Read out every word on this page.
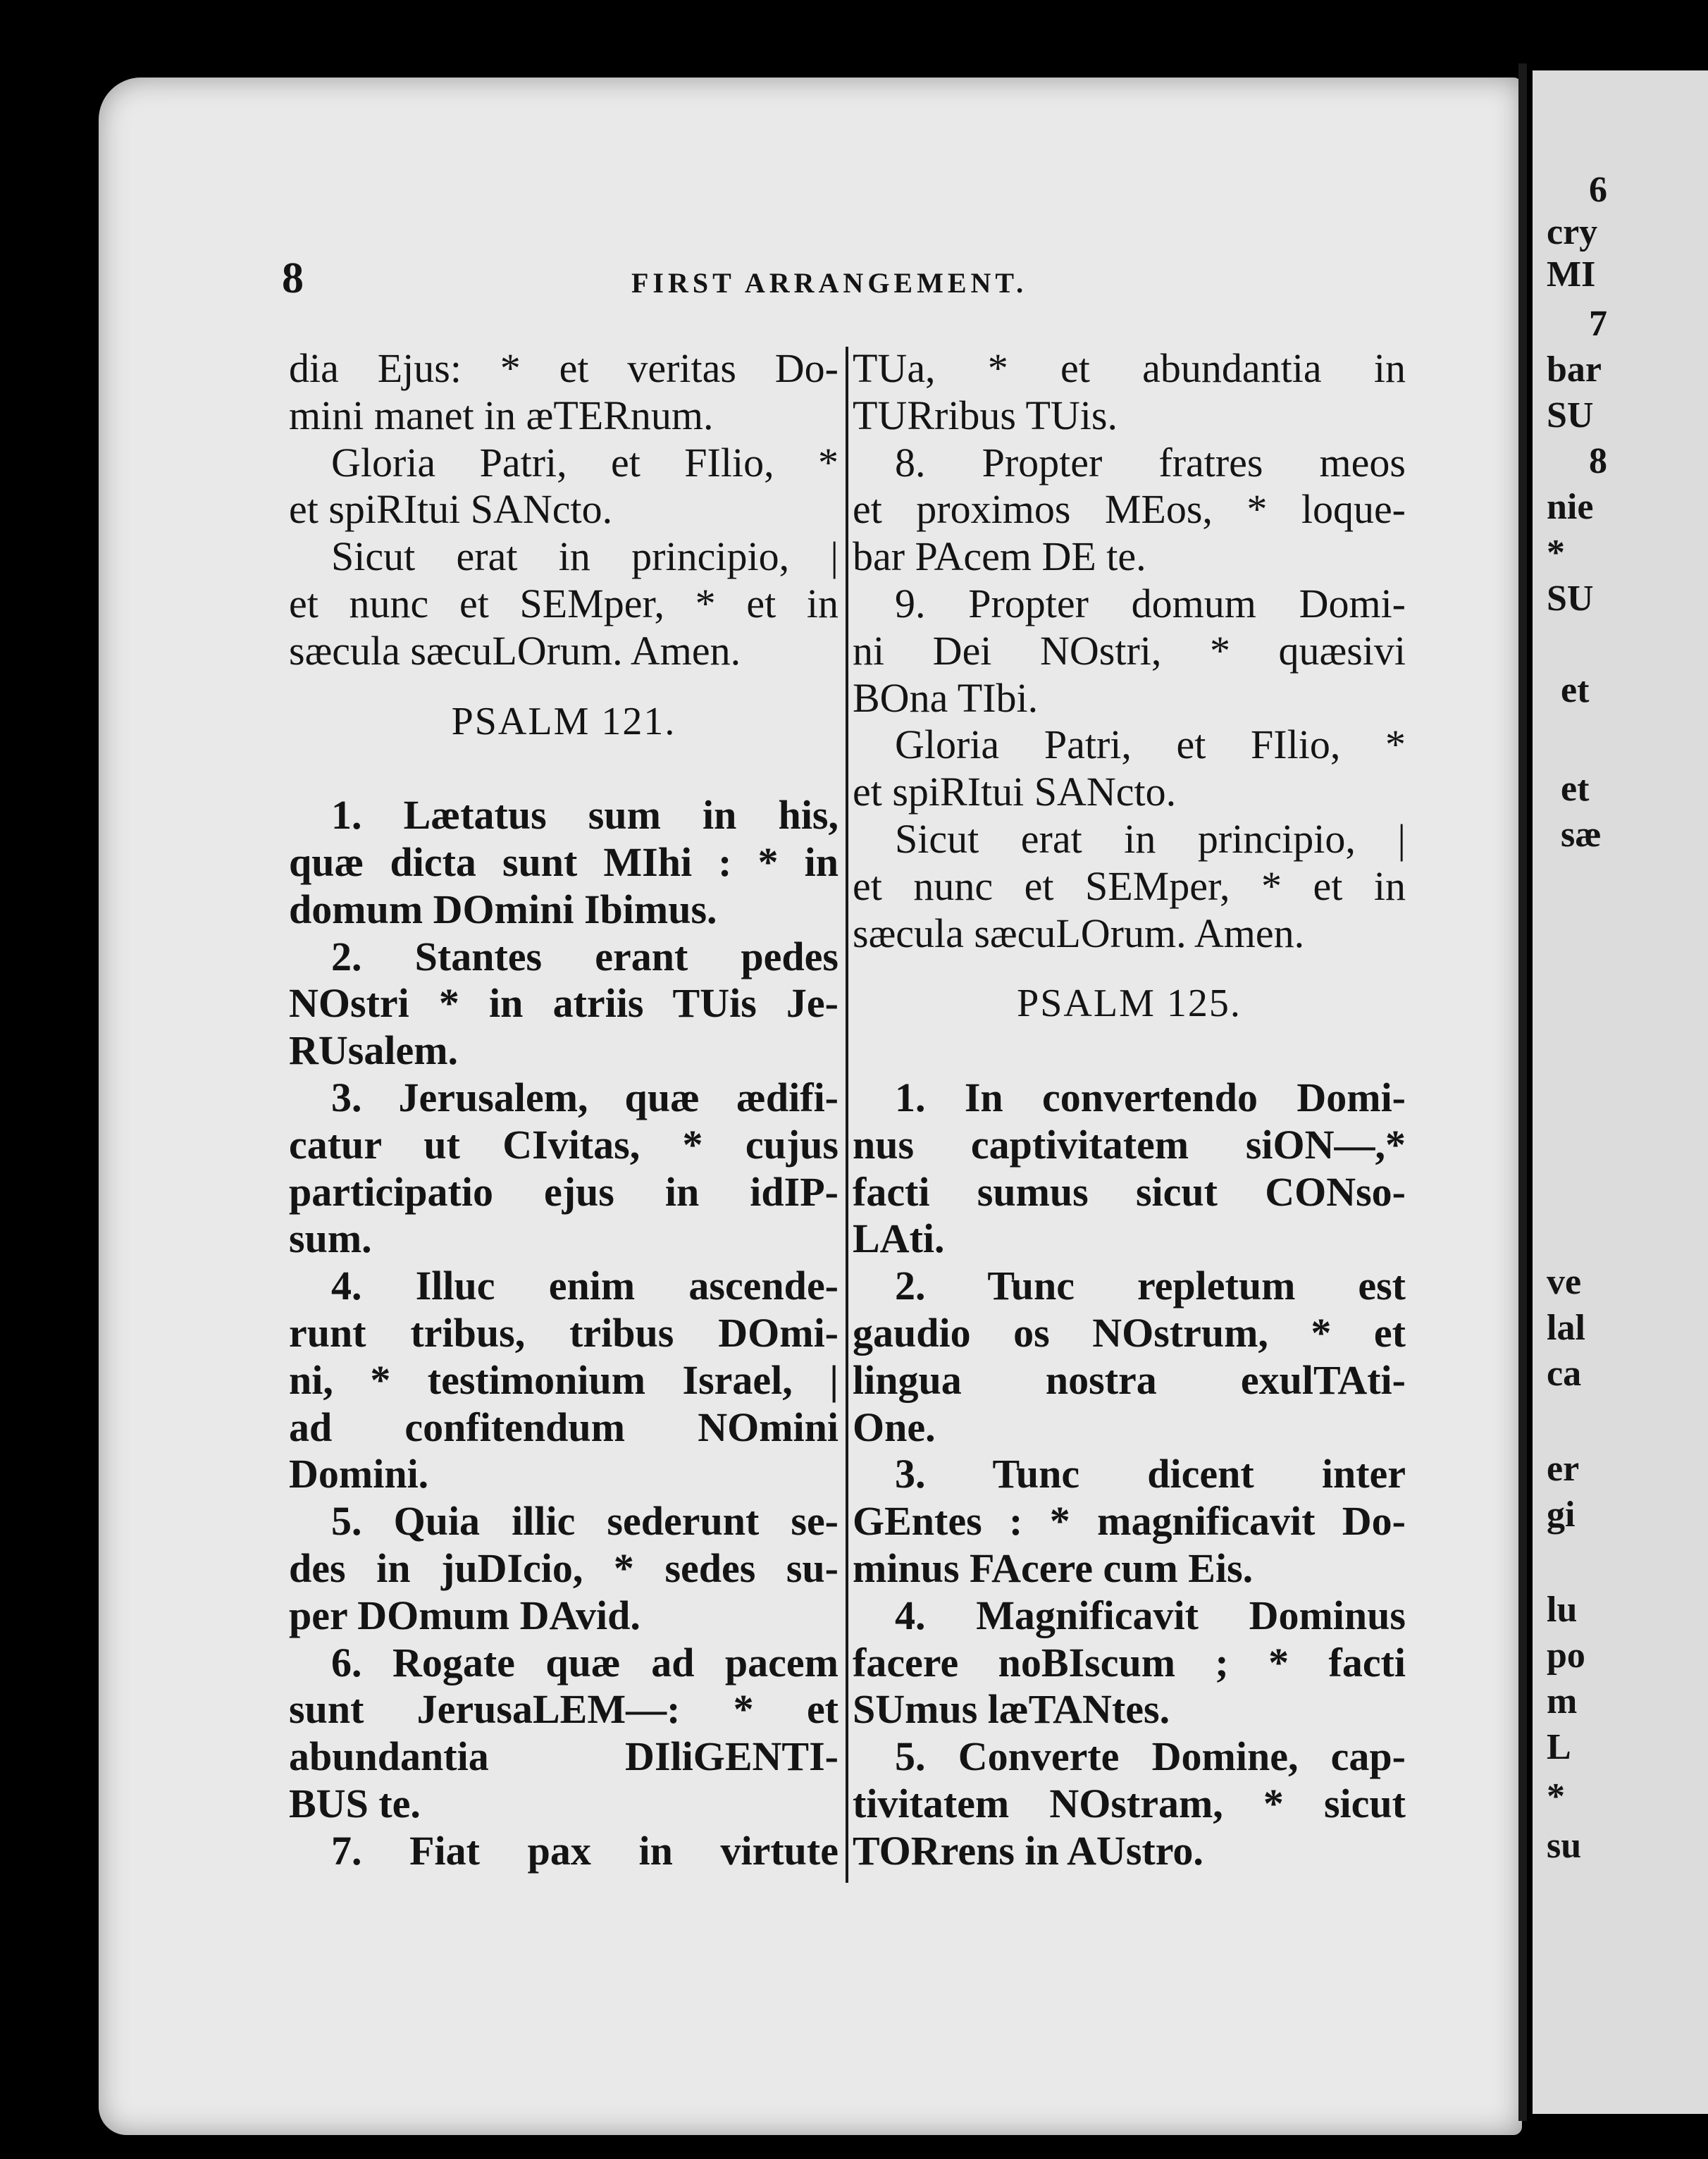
6
cry
MI
7
bar
SU
8
nie
*
SU
et
et
sæ
ve
lal
ca
er
gi
lu
po
m
L
*
su
8	FIRST ARRANGEMENT.
dia Ejus: * et veritas Do-
mini manet in æTERnum.
Gloria Patri, et FIlio, *
et spiRItui SANcto.
Sicut erat in principio, |
et nunc et SEMper, * et in
sæcula sæcuLOrum. Amen.
PSALM 121.
1. Lætatus sum in his,
quæ dicta sunt MIhi : * in
domum DOmini Ibimus.
2. Stantes erant pedes
NOstri * in atriis TUis Je-
RUsalem.
3. Jerusalem, quæ ædifi-
catur ut CIvitas, * cujus
participatio ejus in idIP-
sum.
4. Illuc enim ascende-
runt tribus, tribus DOmi-
ni, * testimonium Israel, |
ad confitendum NOmini
Domini.
5. Quia illic sederunt se-
des in juDIcio, * sedes su-
per DOmum DAvid.
6. Rogate quæ ad pacem
sunt JerusaLEM—: * et
abundantia DIliGENTI-
BUS te.
7. Fiat pax in virtute
TUa, * et abundantia in
TURribus TUis.
8. Propter fratres meos
et proximos MEos, * loque-
bar PAcem DE te.
9. Propter domum Domi-
ni Dei NOstri, * quæsivi
BOna TIbi.
Gloria Patri, et FIlio, *
et spiRItui SANcto.
Sicut erat in principio, |
et nunc et SEMper, * et in
sæcula sæcuLOrum. Amen.
PSALM 125.
1. In convertendo Domi-
nus captivitatem siON—,*
facti sumus sicut CONso-
LAti.
2. Tunc repletum est
gaudio os NOstrum, * et
lingua nostra exulTAti-
One.
3. Tunc dicent inter
GEntes : * magnificavit Do-
minus FAcere cum Eis.
4. Magnificavit Dominus
facere noBIscum ; * facti
SUmus læTANtes.
5. Converte Domine, cap-
tivitatem NOstram, * sicut
TORrens in AUstro.
